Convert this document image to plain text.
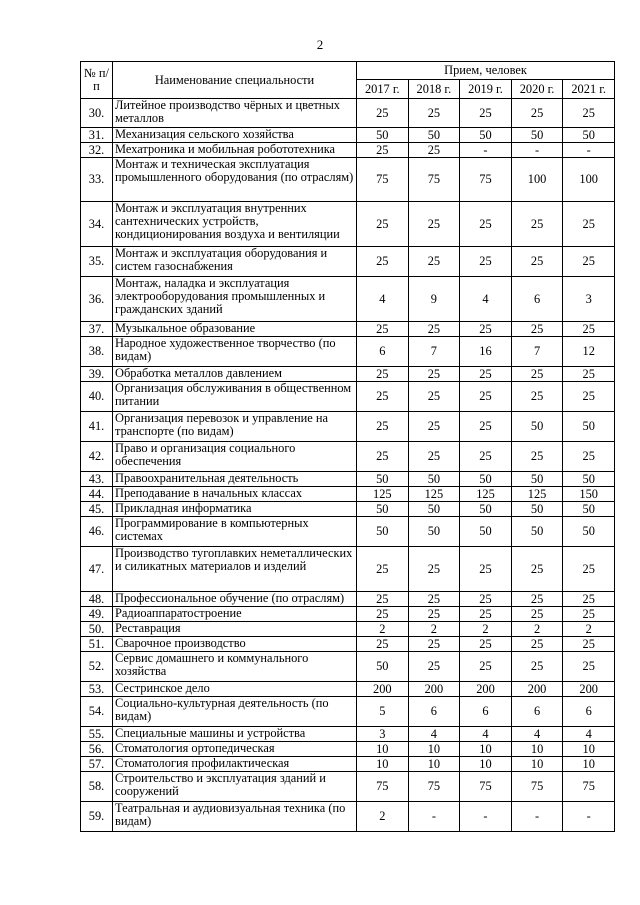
2
№ п/п	Наименование специальности	Прием, человек				
		2017 г.	2018 г.	2019 г.	2020 г.	2021 г.
30.	Литейное производство чёрных и цветных металлов	25	25	25	25	25
31.	Механизация сельского хозяйства	50	50	50	50	50
32.	Мехатроника и мобильная робототехника	25	25	-	-	-
33.	Монтаж и техническая эксплуатация промышленного оборудования (по отраслям)	75	75	75	100	100
34.	Монтаж и эксплуатация внутренних сантехнических устройств, кондиционирования воздуха и вентиляции	25	25	25	25	25
35.	Монтаж и эксплуатация оборудования и систем газоснабжения	25	25	25	25	25
36.	Монтаж, наладка и эксплуатация электрооборудования промышленных и гражданских зданий	4	9	4	6	3
37.	Музыкальное образование	25	25	25	25	25
38.	Народное художественное творчество (по видам)	6	7	16	7	12
39.	Обработка металлов давлением	25	25	25	25	25
40.	Организация обслуживания в общественном питании	25	25	25	25	25
41.	Организация перевозок и управление на транспорте (по видам)	25	25	25	50	50
42.	Право и организация социального обеспечения	25	25	25	25	25
43.	Правоохранительная деятельность	50	50	50	50	50
44.	Преподавание в начальных классах	125	125	125	125	150
45.	Прикладная информатика	50	50	50	50	50
46.	Программирование в компьютерных системах	50	50	50	50	50
47.	Производство тугоплавких неметаллических и силикатных материалов и изделий	25	25	25	25	25
48.	Профессиональное обучение (по отраслям)	25	25	25	25	25
49.	Радиоаппаратостроение	25	25	25	25	25
50.	Реставрация	2	2	2	2	2
51.	Сварочное производство	25	25	25	25	25
52.	Сервис домашнего и коммунального хозяйства	50	25	25	25	25
53.	Сестринское дело	200	200	200	200	200
54.	Социально-культурная деятельность (по видам)	5	6	6	6	6
55.	Специальные машины и устройства	3	4	4	4	4
56.	Стоматология ортопедическая	10	10	10	10	10
57.	Стоматология профилактическая	10	10	10	10	10
58.	Строительство и эксплуатация зданий и сооружений	75	75	75	75	75
59.	Театральная и аудиовизуальная техника (по видам)	2	-	-	-	-
